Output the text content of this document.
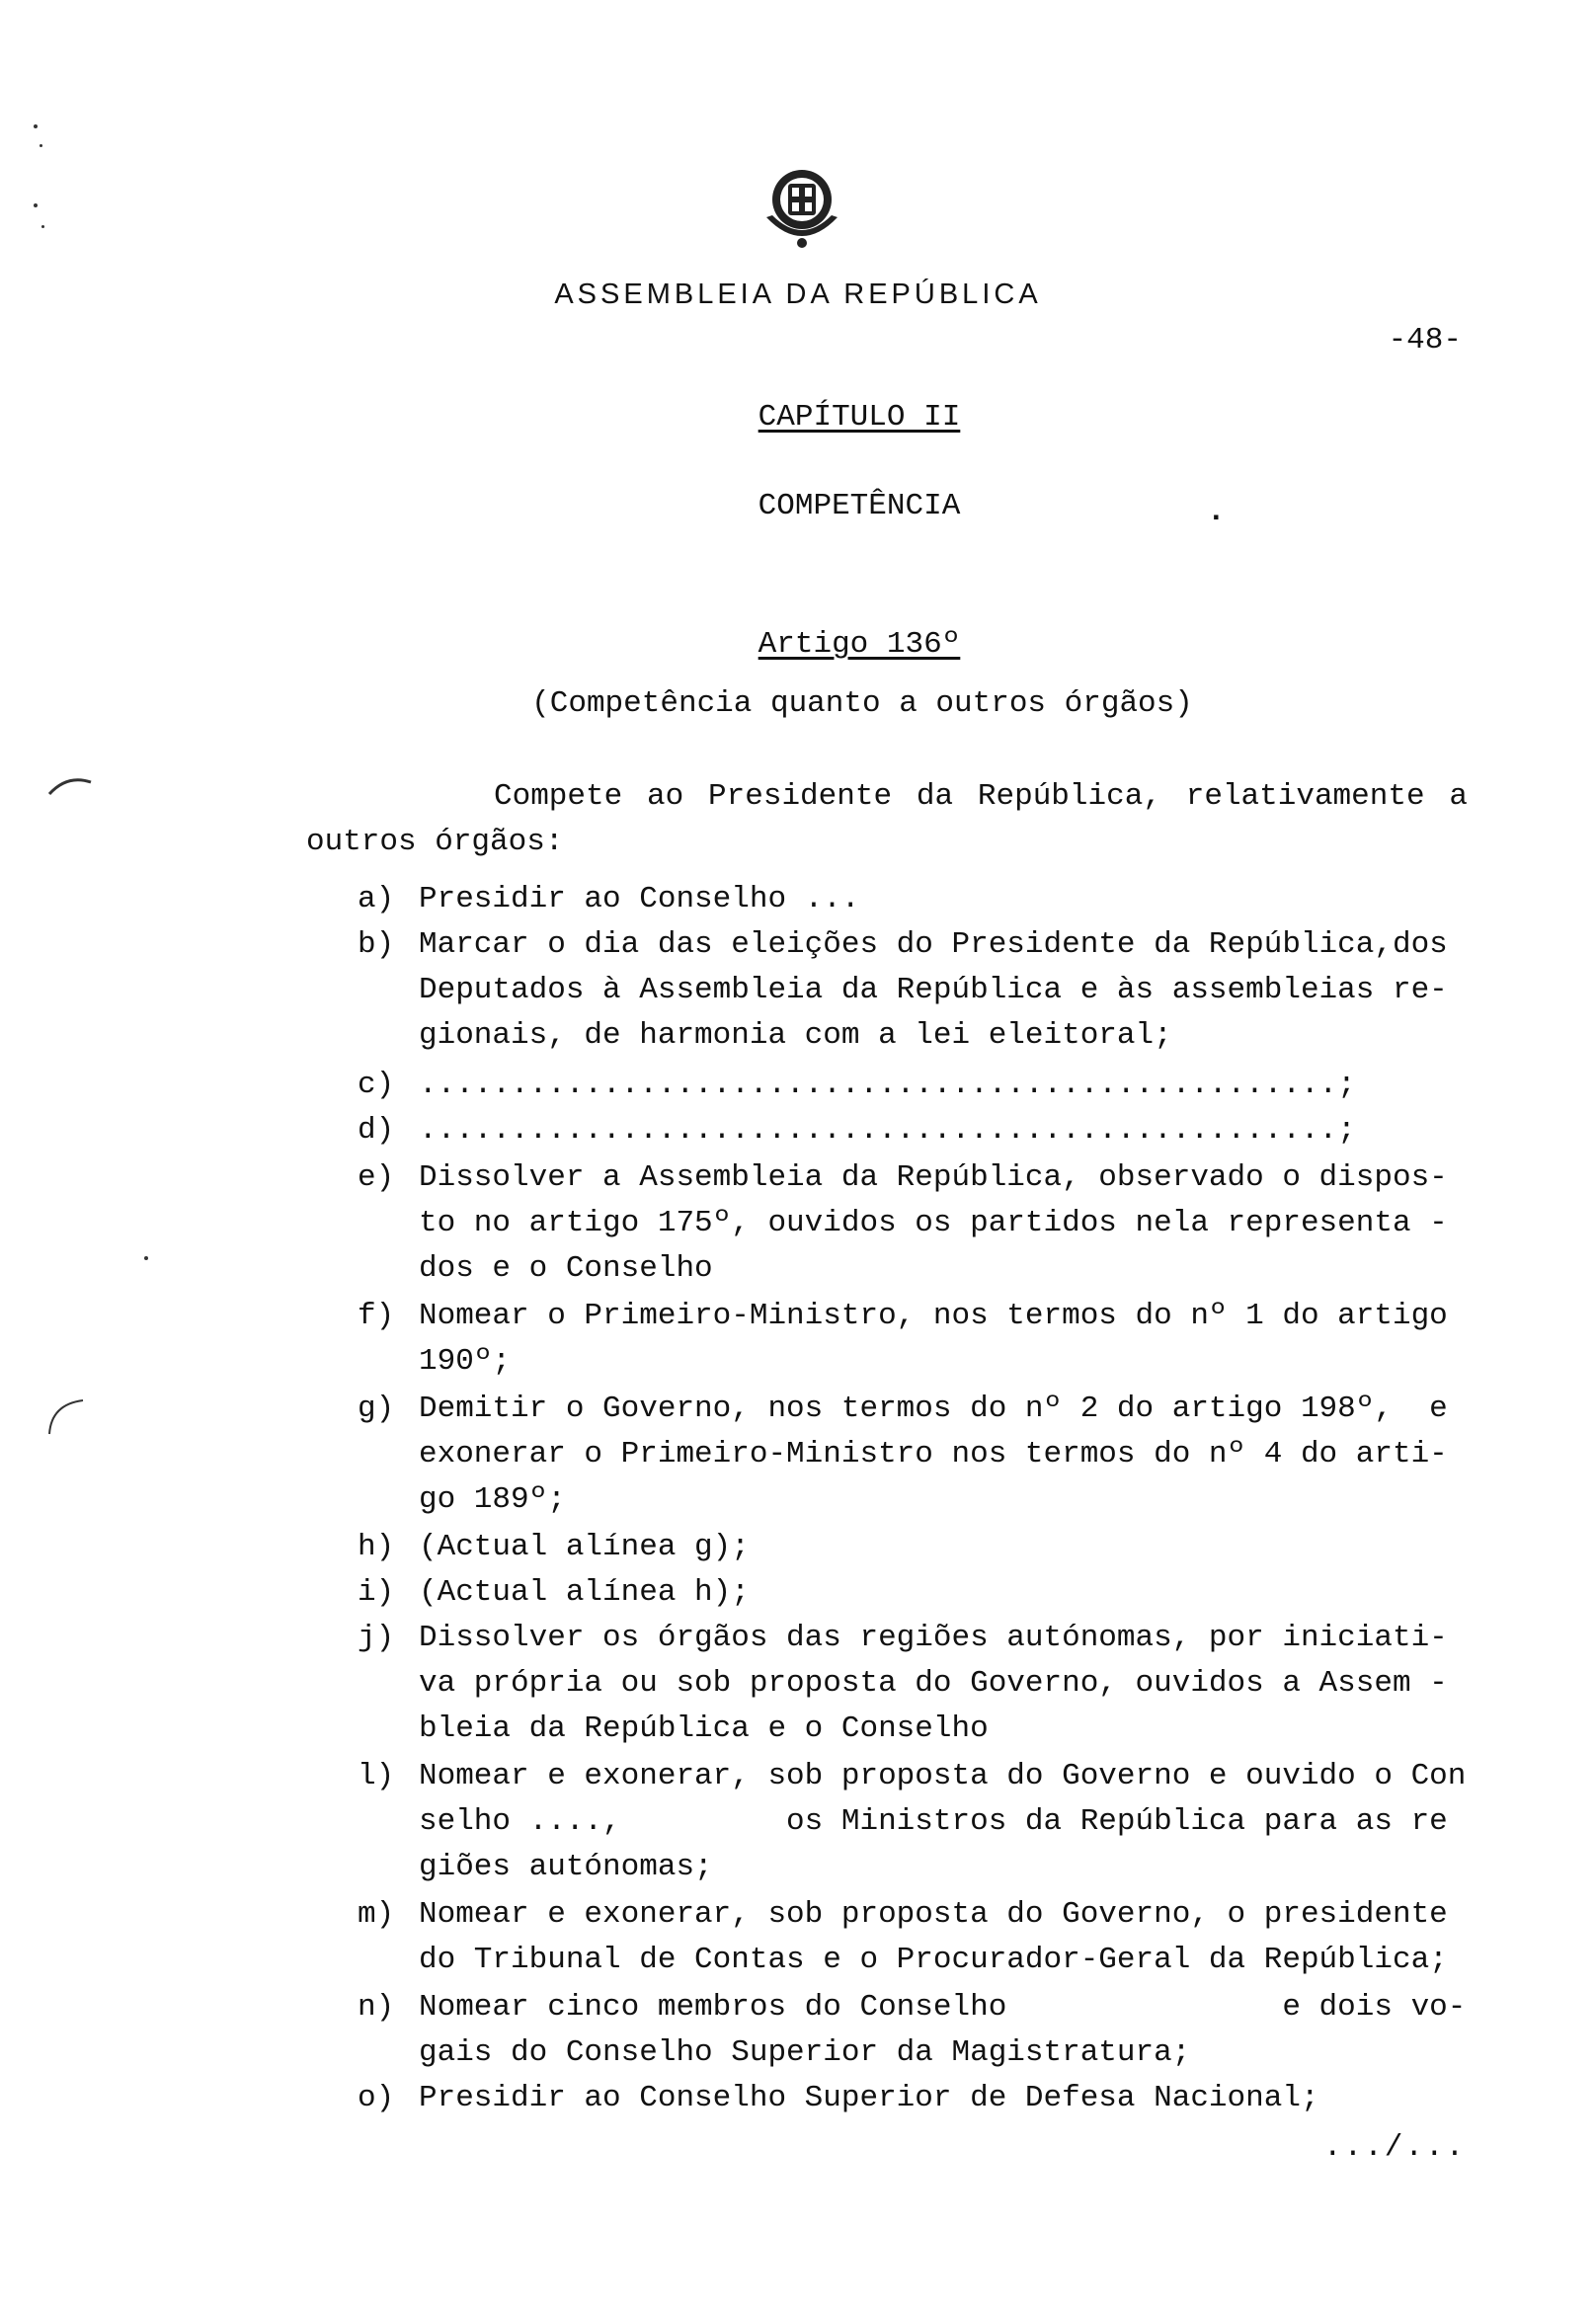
ASSEMBLEIA DA REPÚBLICA
-48-
CAPÍTULO II
COMPETÊNCIA	.
Artigo 136º
(Competência quanto a outros órgãos)
Compete ao Presidente da República, relativamente a
outros órgãos:
a) Presidir ao Conselho ...
b) Marcar o dia das eleições do Presidente da República,dos
Deputados à Assembleia da República e às assembleias re-
gionais, de harmonia com a lei eleitoral;
c) ..................................................;
d) ..................................................;
e) Dissolver a Assembleia da República, observado o dispos-
to no artigo 175º, ouvidos os partidos nela representa -
dos e o Conselho
f) Nomear o Primeiro-Ministro, nos termos do nº 1 do artigo
190º;
g) Demitir o Governo, nos termos do nº 2 do artigo 198º,  e
exonerar o Primeiro-Ministro nos termos do nº 4 do arti-
go 189º;
h) (Actual alínea g);
i) (Actual alínea h);
j) Dissolver os órgãos das regiões autónomas, por iniciati-
va própria ou sob proposta do Governo, ouvidos a Assem -
bleia da República e o Conselho
l) Nomear e exonerar, sob proposta do Governo e ouvido o Con
selho ....,         os Ministros da República para as re
giões autónomas;
m) Nomear e exonerar, sob proposta do Governo, o presidente
do Tribunal de Contas e o Procurador-Geral da República;
n) Nomear cinco membros do Conselho               e dois vo-
gais do Conselho Superior da Magistratura;
o) Presidir ao Conselho Superior de Defesa Nacional;
.../...
